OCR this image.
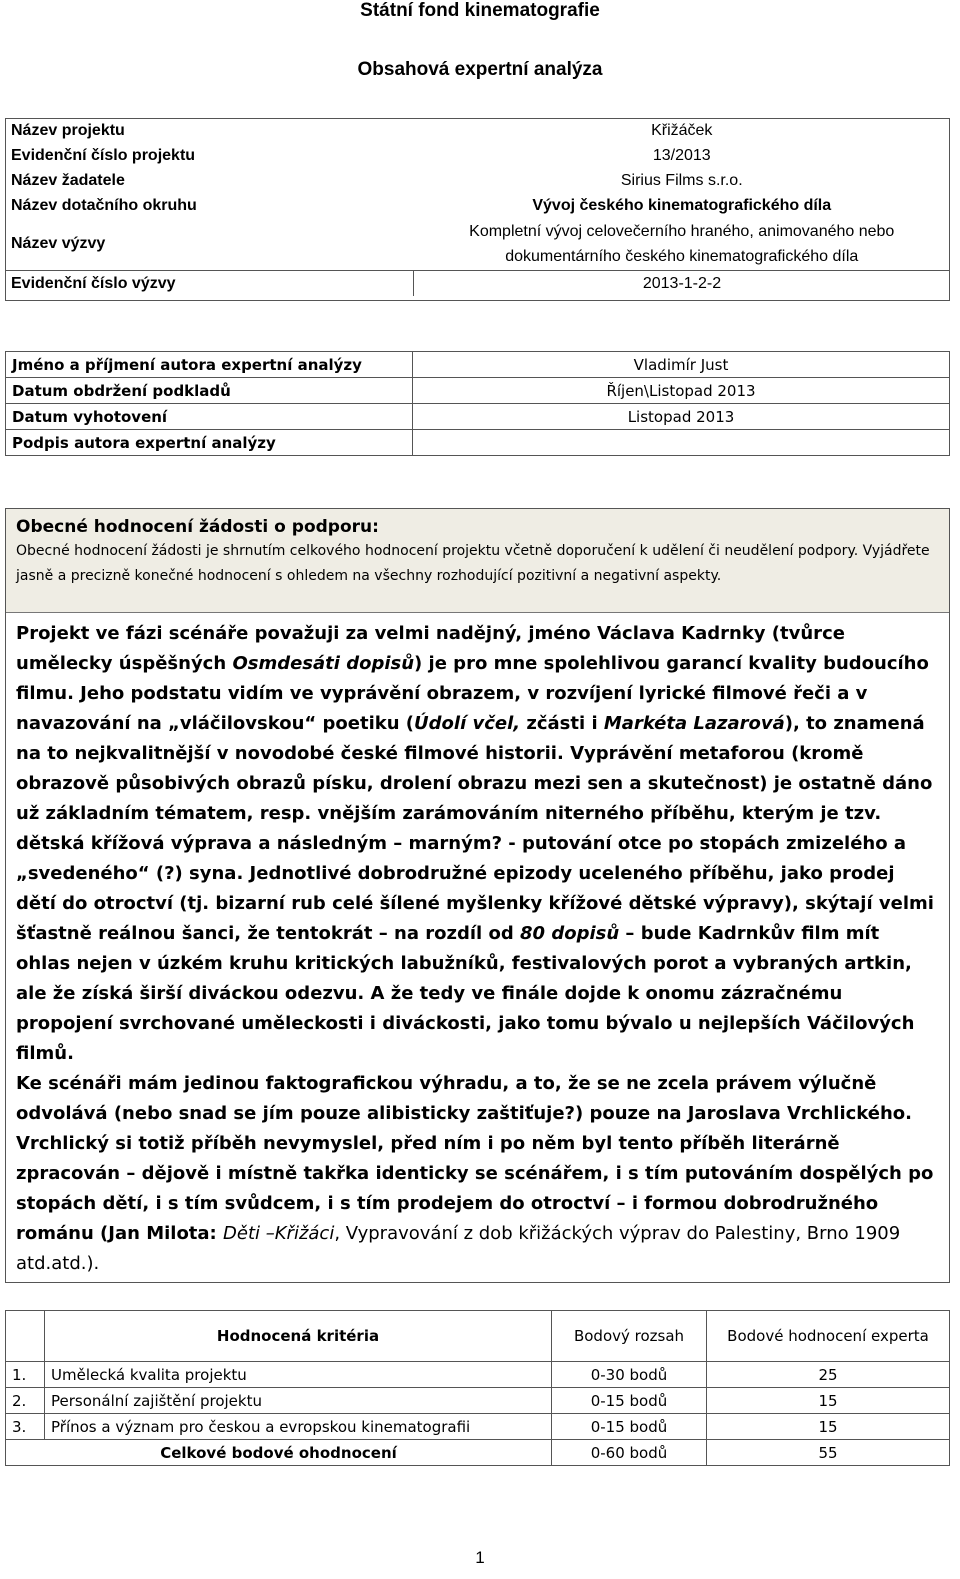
Státní fond kinematografie
Obsahová expertní analýza
Název projektu	Křižáček
Evidenční číslo projektu	13/2013
Název žadatele	Sirius Films s.r.o.
Název dotačního okruhu	Vývoj českého kinematografického díla
Název výzvy	Kompletní vývoj celovečerního hraného, animovaného nebo dokumentárního českého kinematografického díla
Evidenční číslo výzvy	2013-1-2-2
Jméno a příjmení autora expertní analýzy	Vladimír Just
Datum obdržení podkladů	Říjen\Listopad 2013
Datum vyhotovení	Listopad 2013
Podpis autora expertní analýzy	
Obecné hodnocení žádosti o podporu:
Obecné hodnocení žádosti je shrnutím celkového hodnocení projektu včetně doporučení k udělení či neudělení podpory. Vyjádřete jasně a precizně konečné hodnocení s ohledem na všechny rozhodující pozitivní a negativní aspekty.
Projekt ve fázi scénáře považuji za velmi nadějný, jméno Václava Kadrnky (tvůrce umělecky úspěšných Osmdesáti dopisů) je pro mne spolehlivou garancí kvality budoucího filmu. Jeho podstatu vidím ve vyprávění obrazem, v rozvíjení lyrické filmové řeči a v navazování na „vláčilovskou“ poetiku (Údolí včel, zčásti i Markéta Lazarová), to znamená na to nejkvalitnější v novodobé české filmové historii. Vyprávění metaforou (kromě obrazově působivých obrazů písku, drolení obrazu mezi sen a skutečnost) je ostatně dáno už základním tématem, resp. vnějším zarámováním niterného příběhu, kterým je tzv. dětská křížová výprava a následným – marným? - putování otce po stopách zmizelého a „svedeného“ (?) syna. Jednotlivé dobrodružné epizody uceleného příběhu, jako prodej dětí do otroctví (tj. bizarní rub celé šílené myšlenky křížové dětské výpravy), skýtají velmi šťastně reálnou šanci, že tentokrát – na rozdíl od 80 dopisů – bude Kadrnkův film mít ohlas nejen v úzkém kruhu kritických labužníků, festivalových porot a vybraných artkin, ale že získá širší diváckou odezvu. A že tedy ve finále dojde k onomu zázračnému propojení svrchované uměleckosti i diváckosti, jako tomu bývalo u nejlepších Váčilových filmů.
Ke scénáři mám jedinou faktografickou výhradu, a to, že se ne zcela právem výlučně odvolává (nebo snad se jím pouze alibisticky zaštiťuje?) pouze na Jaroslava Vrchlického. Vrchlický si totiž příběh nevymyslel, před ním i po něm byl tento příběh literárně zpracován – dějově i místně takřka identicky se scénářem, i s tím putováním dospělých po stopách dětí, i s tím svůdcem, i s tím prodejem do otroctví – i formou dobrodružného románu (Jan Milota: Děti –Křižáci, Vypravování z dob křižáckých výprav do Palestiny, Brno 1909 atd.atd.).
	Hodnocená kritéria	Bodový rozsah	Bodové hodnocení experta
1.	Umělecká kvalita projektu	0-30 bodů	25
2.	Personální zajištění projektu	0-15 bodů	15
3.	Přínos a význam pro českou a evropskou kinematografii	0-15 bodů	15
Celkové bodové ohodnocení		0-60 bodů	55
1
